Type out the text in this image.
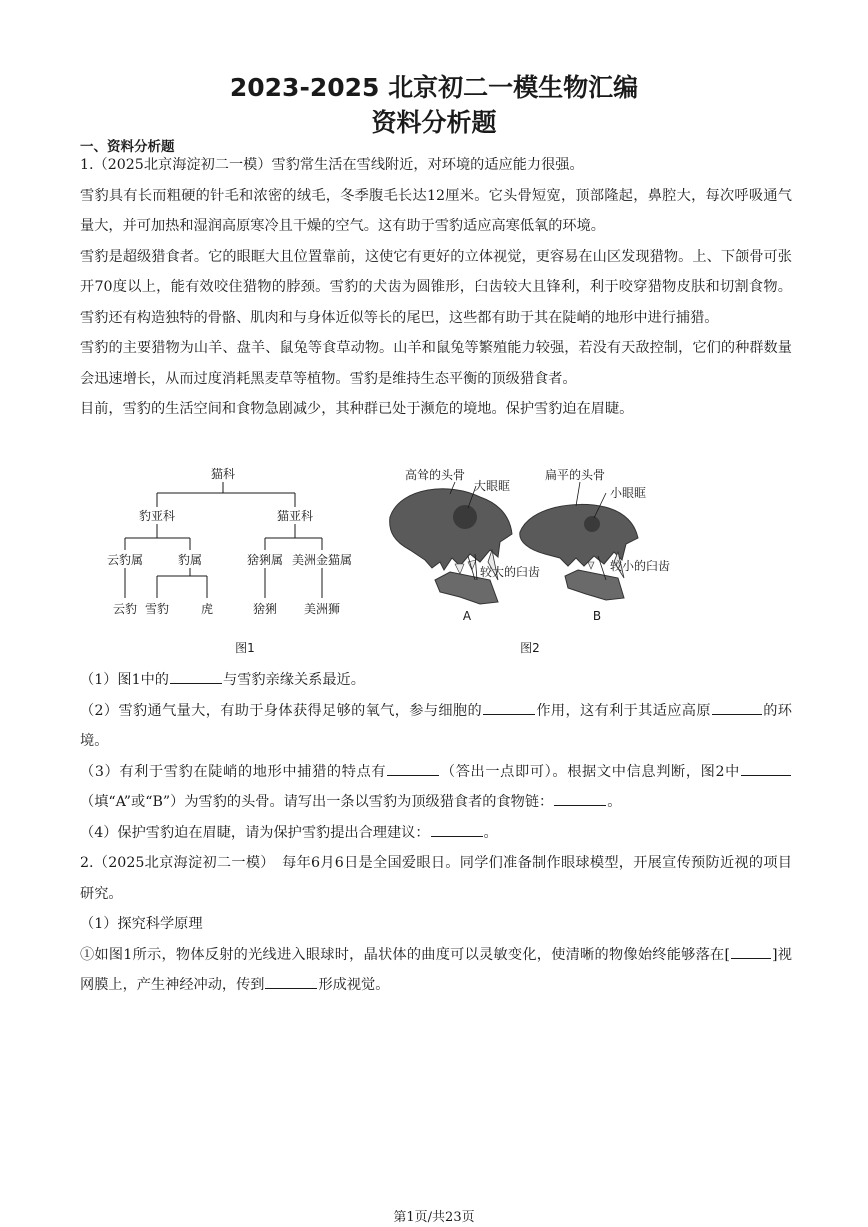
2023-2025 北京初二一模生物汇编
资料分析题
一、资料分析题

1.（2025北京海淀初二一模）雪豹常生活在雪线附近，对环境的适应能力很强。

雪豹具有长而粗硬的针毛和浓密的绒毛，冬季腹毛长达12厘米。它头骨短宽，顶部隆起，鼻腔大，每次呼吸通气量大，并可加热和湿润高原寒冷且干燥的空气。这有助于雪豹适应高寒低氧的环境。

雪豹是超级猎食者。它的眼眶大且位置靠前，这使它有更好的立体视觉，更容易在山区发现猎物。上、下颌骨可张开70度以上，能有效咬住猎物的脖颈。雪豹的犬齿为圆锥形，臼齿较大且锋利，利于咬穿猎物皮肤和切割食物。雪豹还有构造独特的骨骼、肌肉和与身体近似等长的尾巴，这些都有助于其在陡峭的地形中进行捕猎。

雪豹的主要猎物为山羊、盘羊、鼠兔等食草动物。山羊和鼠兔等繁殖能力较强，若没有天敌控制，它们的种群数量会迅速增长，从而过度消耗黑麦草等植物。雪豹是维持生态平衡的顶级猎食者。

目前，雪豹的生活空间和食物急剧减少，其种群已处于濒危的境地。保护雪豹迫在眉睫。

猫科
豹亚科	猫亚科
云豹属	豹属	猞猁属 美洲金猫属
云豹 雪豹	虎	猞猁 美洲狮
图1
高耸的头骨
大眼眶
较大的臼齿
A
扁平的头骨
小眼眶
较小的臼齿
B
图2

（1）图1中的	与雪豹亲缘关系最近。

（2）雪豹通气量大，有助于身体获得足够的氧气，参与细胞的	作用，这有利于其适应高原	的环境。

（3）有利于雪豹在陡峭的地形中捕猎的特点有	（答出一点即可）。根据文中信息判断，图2中（填“A”或“B”）为雪豹的头骨。请写出一条以雪豹为顶级猎食者的食物链：	。

（4）保护雪豹迫在眉睫，请为保护雪豹提出合理建议：	。

2.（2025北京海淀初二一模）　每年6月6日是全国爱眼日。同学们准备制作眼球模型，开展宣传预防近视的项目研究。

（1）探究科学原理

①如图1所示，物体反射的光线进入眼球时，晶状体的曲度可以灵敏变化，使清晰的物像始终能够落在[	]视网膜上，产生神经冲动，传到	形成视觉。

第1页/共23页
